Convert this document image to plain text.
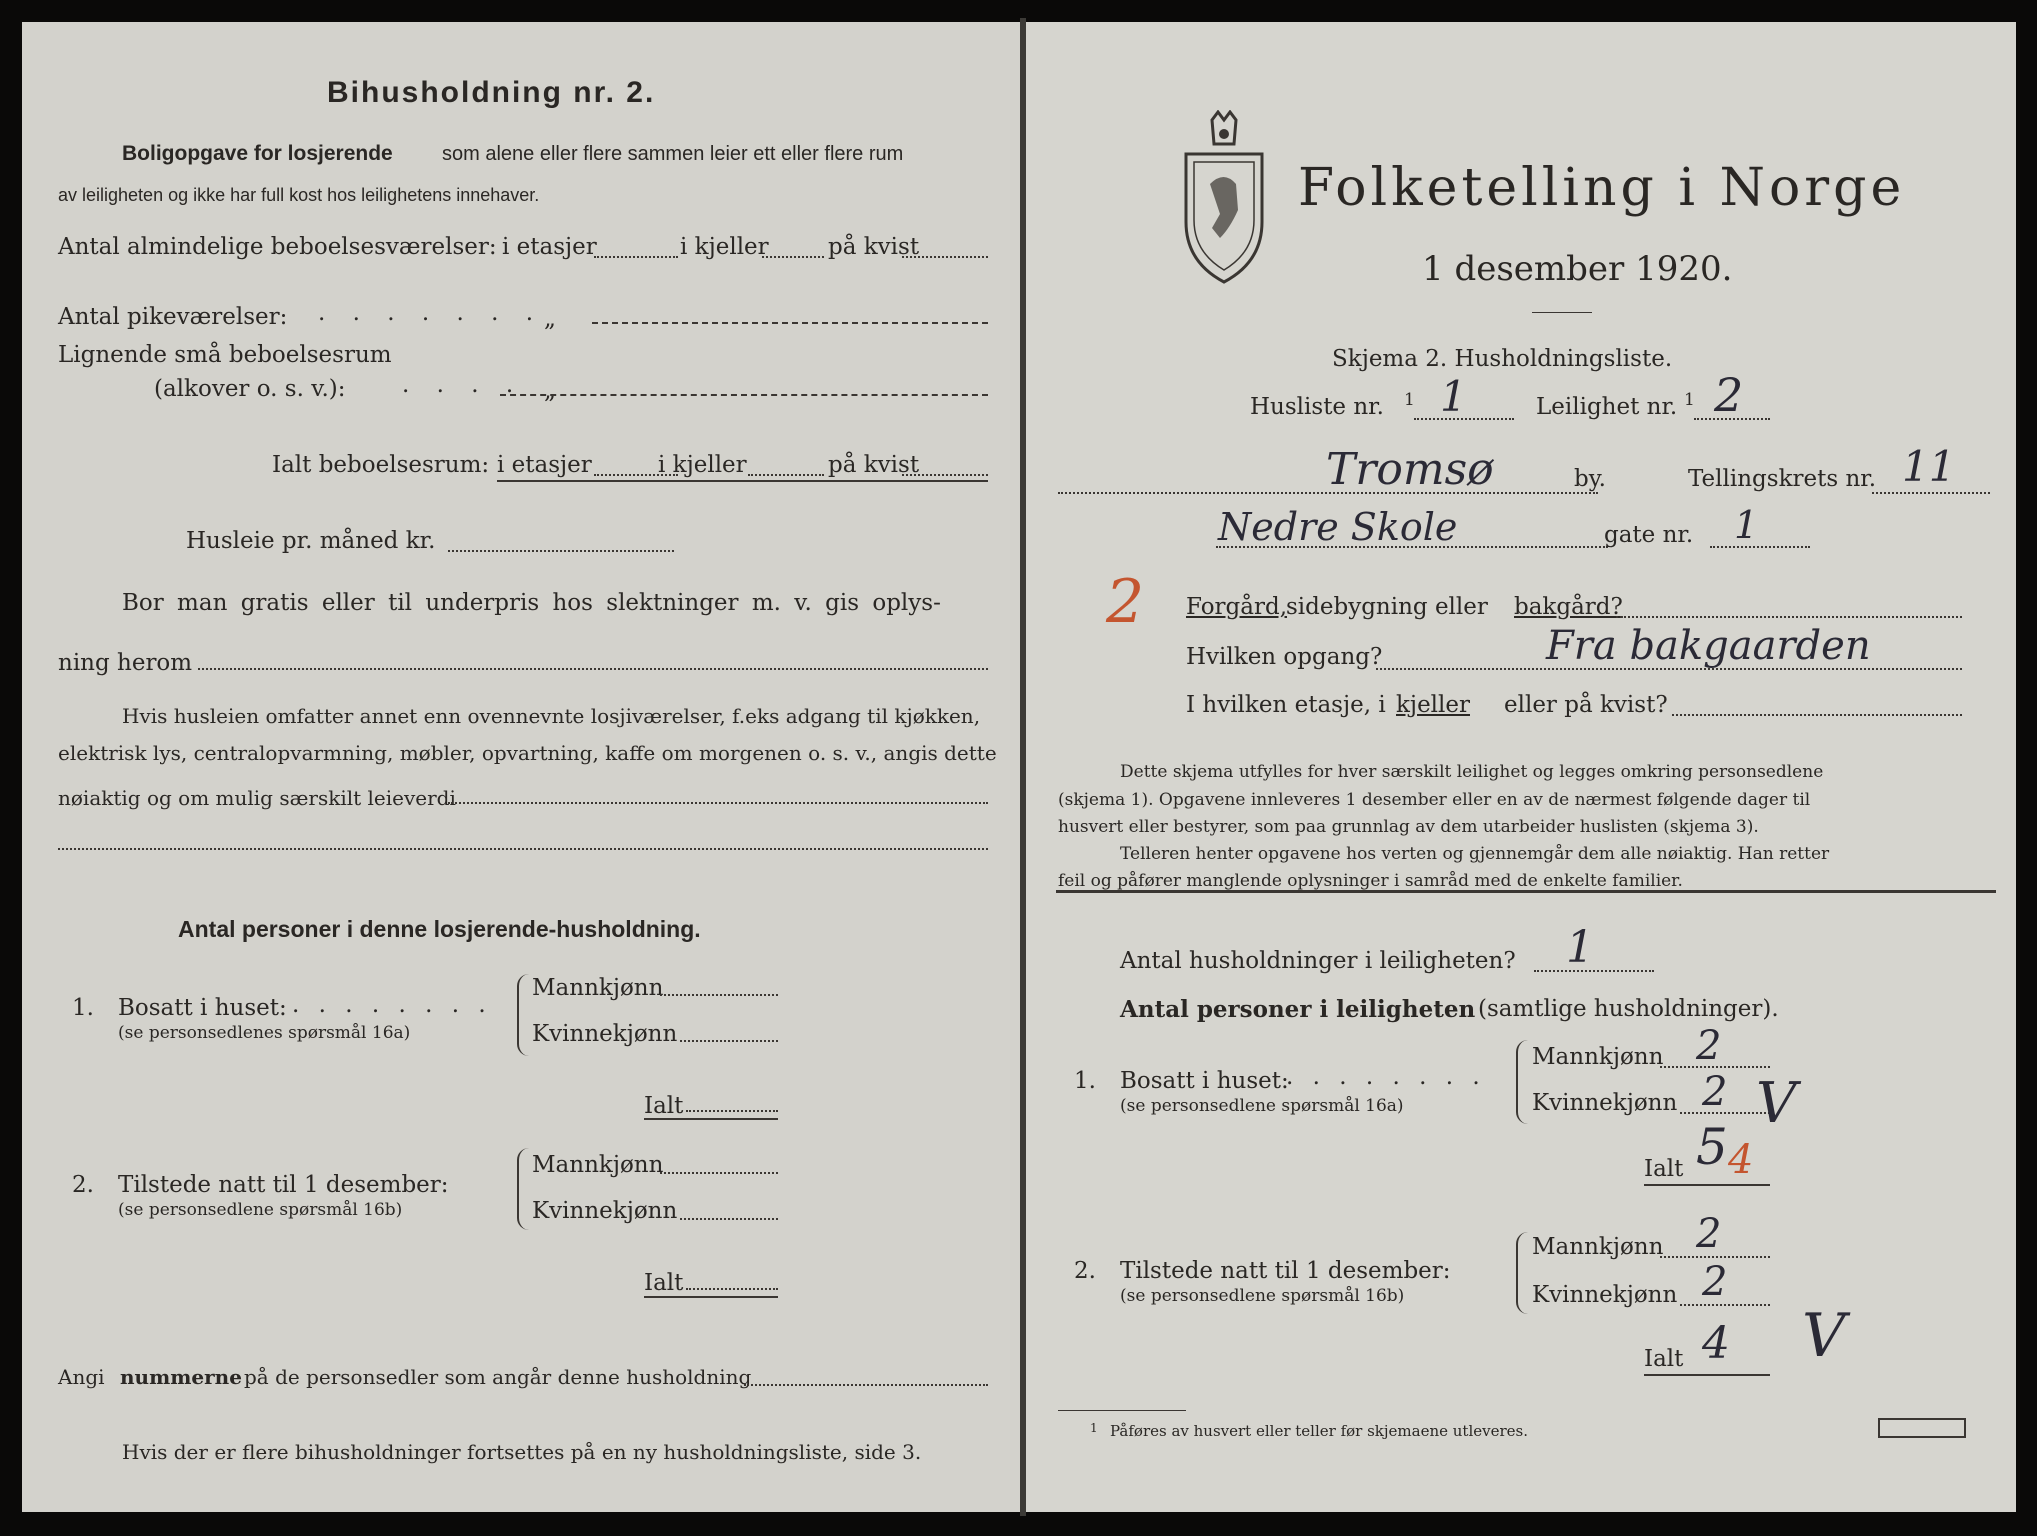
Bihusholdning nr. 2.
Boligopgave for losjerende som alene eller flere sammen leier ett eller flere rum
av leiligheten og ikke har full kost hos leilighetens innehaver.
Antal almindelige beboelsesværelser: i etasjer	i kjeller	på kvist
Antal pikeværelser: . . . . . . . „
Lignende små beboelsesrum
(alkover o. s. v.): . . . . „
Ialt beboelsesrum: i etasjer	i kjeller	på kvist
Husleie pr. måned kr.
Bor man gratis eller til underpris hos slektninger m. v. gis oplys-
ning herom
Hvis husleien omfatter annet enn ovennevnte losjiværelser, f.eks adgang til kjøkken,
elektrisk lys, centralopvarmning, møbler, opvartning, kaffe om morgenen o. s. v., angis dette
nøiaktig og om mulig særskilt leieverdi
Antal personer i denne losjerende-husholdning.
1. Bosatt i huset: . . . . . . . .
(se personsedlenes spørsmål 16a)
Mannkjønn
Kvinnekjønn
Ialt
2. Tilstede natt til 1 desember:
(se personsedlene spørsmål 16b)
Mannkjønn
Kvinnekjønn
Ialt
Angi nummerne på de personsedler som angår denne husholdning
Hvis der er flere bihusholdninger fortsettes på en ny husholdningsliste, side 3.
Folketelling i Norge
1 desember 1920.
Skjema 2. Husholdningsliste.
Husliste nr. 1 1	Leilighet nr. 1 2
Tromsø	by.	Tellingskrets nr. 11
Nedre Skole	gate nr. 1
2 Forgård,
sidebygning eller bakgård?
Hvilken opgang?	Fra bakgaarden
I hvilken etasje, i kjeller eller på kvist?
Dette skjema utfylles for hver særskilt leilighet og legges omkring personsedlene
(skjema 1). Opgavene innleveres 1 desember eller en av de nærmest følgende dager til
husvert eller bestyrer, som paa grunnlag av dem utarbeider huslisten (skjema 3).
Telleren henter opgavene hos verten og gjennemgår dem alle nøiaktig. Han retter
feil og påfører manglende oplysninger i samråd med de enkelte familier.
Antal husholdninger i leiligheten? 1
Antal personer i leiligheten (samtlige husholdninger).
1. Bosatt i huset:
. . . . . . . .
(se personsedlene spørsmål 16a)
Mannkjønn 2
Kvinnekjønn 2 V
Ialt 5 4
2. Tilstede natt til 1 desember:
(se personsedlene spørsmål 16b)
Mannkjønn 2
Kvinnekjønn 2
Ialt 4 V
1 Påføres av husvert eller teller før skjemaene utleveres.
